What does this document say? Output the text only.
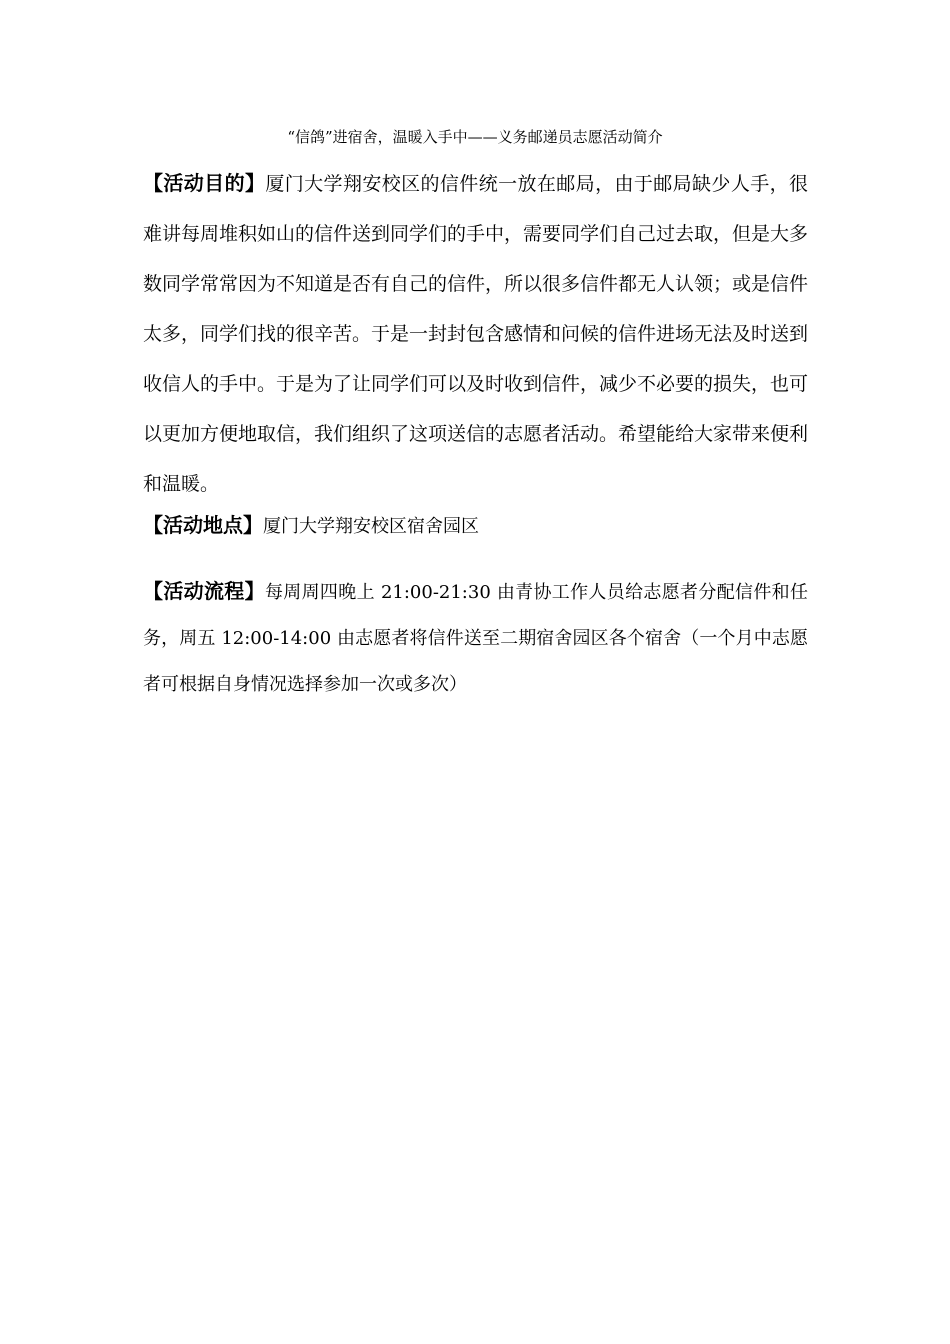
“信鸽”进宿舍，温暖入手中——义务邮递员志愿活动简介

【活动目的】厦门大学翔安校区的信件统一放在邮局，由于邮局缺少人手，很难讲每周堆积如山的信件送到同学们的手中，需要同学们自己过去取，但是大多数同学常常因为不知道是否有自己的信件，所以很多信件都无人认领；或是信件太多，同学们找的很辛苦。于是一封封包含感情和问候的信件进场无法及时送到收信人的手中。于是为了让同学们可以及时收到信件，减少不必要的损失，也可以更加方便地取信，我们组织了这项送信的志愿者活动。希望能给大家带来便利和温暖。

【活动地点】厦门大学翔安校区宿舍园区

【活动流程】每周周四晚上 21:00-21:30 由青协工作人员给志愿者分配信件和任务，周五 12:00-14:00 由志愿者将信件送至二期宿舍园区各个宿舍（一个月中志愿者可根据自身情况选择参加一次或多次）
